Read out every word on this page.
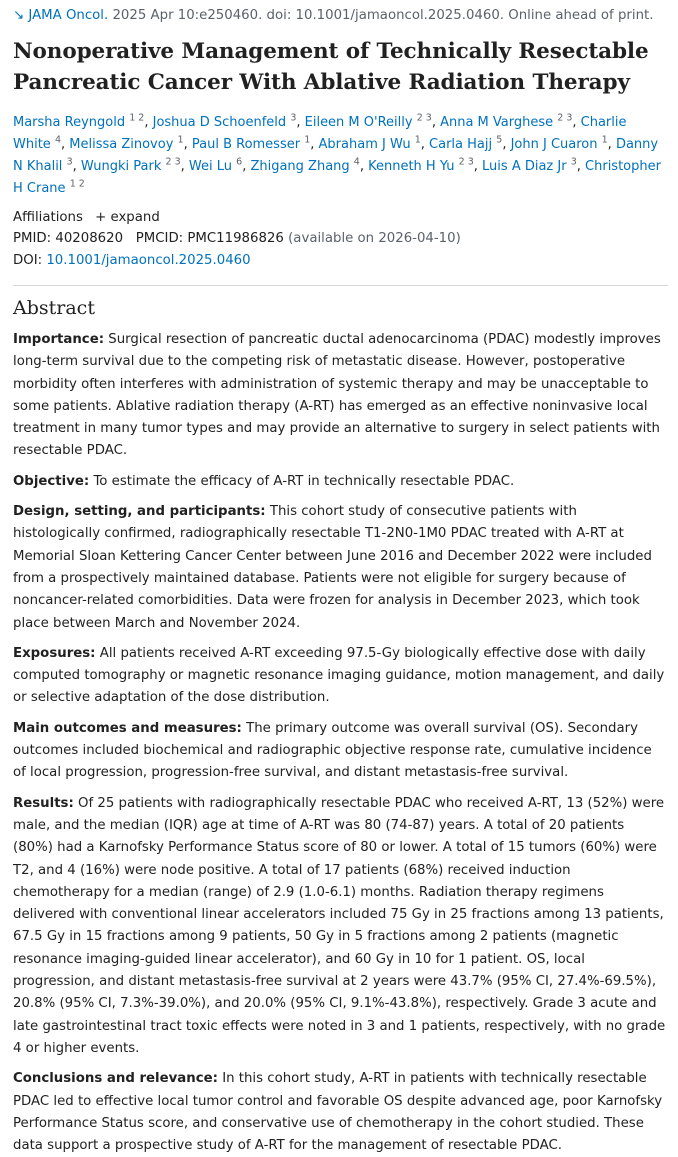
↘ JAMA Oncol. 2025 Apr 10:e250460. doi: 10.1001/jamaoncol.2025.0460. Online ahead of print.
Nonoperative Management of Technically Resectable Pancreatic Cancer With Ablative Radiation Therapy
Marsha Reyngold $^{1 2}$, Joshua D Schoenfeld $^3$, Eileen M O'Reilly $^{2 3}$, Anna M Varghese $^{2 3}$, Charlie White $^4$, Melissa Zinovoy $^1$, Paul B Romesser $^1$, Abraham J Wu $^1$, Carla Hajj $^5$, John J Cuaron $^1$, Danny N Khalil $^3$, Wungki Park $^{2 3}$, Wei Lu $^6$, Zhigang Zhang $^4$, Kenneth H Yu $^{2 3}$, Luis A Diaz Jr $^3$, Christopher H Crane $^{1 2}$
Affiliations + expand
PMID: 40208620 PMCID: PMC11986826 (available on 2026-04-10)
DOI: 10.1001/jamaoncol.2025.0460
Abstract

Importance: Surgical resection of pancreatic ductal adenocarcinoma (PDAC) modestly improves long-term survival due to the competing risk of metastatic disease. However, postoperative morbidity often interferes with administration of systemic therapy and may be unacceptable to some patients. Ablative radiation therapy (A-RT) has emerged as an effective noninvasive local treatment in many tumor types and may provide an alternative to surgery in select patients with resectable PDAC.

Objective: To estimate the efficacy of A-RT in technically resectable PDAC.

Design, setting, and participants: This cohort study of consecutive patients with histologically confirmed, radiographically resectable T1-2N0-1M0 PDAC treated with A-RT at Memorial Sloan Kettering Cancer Center between June 2016 and December 2022 were included from a prospectively maintained database. Patients were not eligible for surgery because of noncancer-related comorbidities. Data were frozen for analysis in December 2023, which took place between March and November 2024.

Exposures: All patients received A-RT exceeding 97.5-Gy biologically effective dose with daily computed tomography or magnetic resonance imaging guidance, motion management, and daily or selective adaptation of the dose distribution.

Main outcomes and measures: The primary outcome was overall survival (OS). Secondary outcomes included biochemical and radiographic objective response rate, cumulative incidence of local progression, progression-free survival, and distant metastasis-free survival.

Results: Of 25 patients with radiographically resectable PDAC who received A-RT, 13 (52%) were male, and the median (IQR) age at time of A-RT was 80 (74-87) years. A total of 20 patients (80%) had a Karnofsky Performance Status score of 80 or lower. A total of 15 tumors (60%) were T2, and 4 (16%) were node positive. A total of 17 patients (68%) received induction chemotherapy for a median (range) of 2.9 (1.0-6.1) months. Radiation therapy regimens delivered with conventional linear accelerators included 75 Gy in 25 fractions among 13 patients, 67.5 Gy in 15 fractions among 9 patients, 50 Gy in 5 fractions among 2 patients (magnetic resonance imaging-guided linear accelerator), and 60 Gy in 10 for 1 patient. OS, local progression, and distant metastasis-free survival at 2 years were 43.7% (95% CI, 27.4%-69.5%), 20.8% (95% CI, 7.3%-39.0%), and 20.0% (95% CI, 9.1%-43.8%), respectively. Grade 3 acute and late gastrointestinal tract toxic effects were noted in 3 and 1 patients, respectively, with no grade 4 or higher events.

Conclusions and relevance: In this cohort study, A-RT in patients with technically resectable PDAC led to effective local tumor control and favorable OS despite advanced age, poor Karnofsky Performance Status score, and conservative use of chemotherapy in the cohort studied. These data support a prospective study of A-RT for the management of resectable PDAC.
